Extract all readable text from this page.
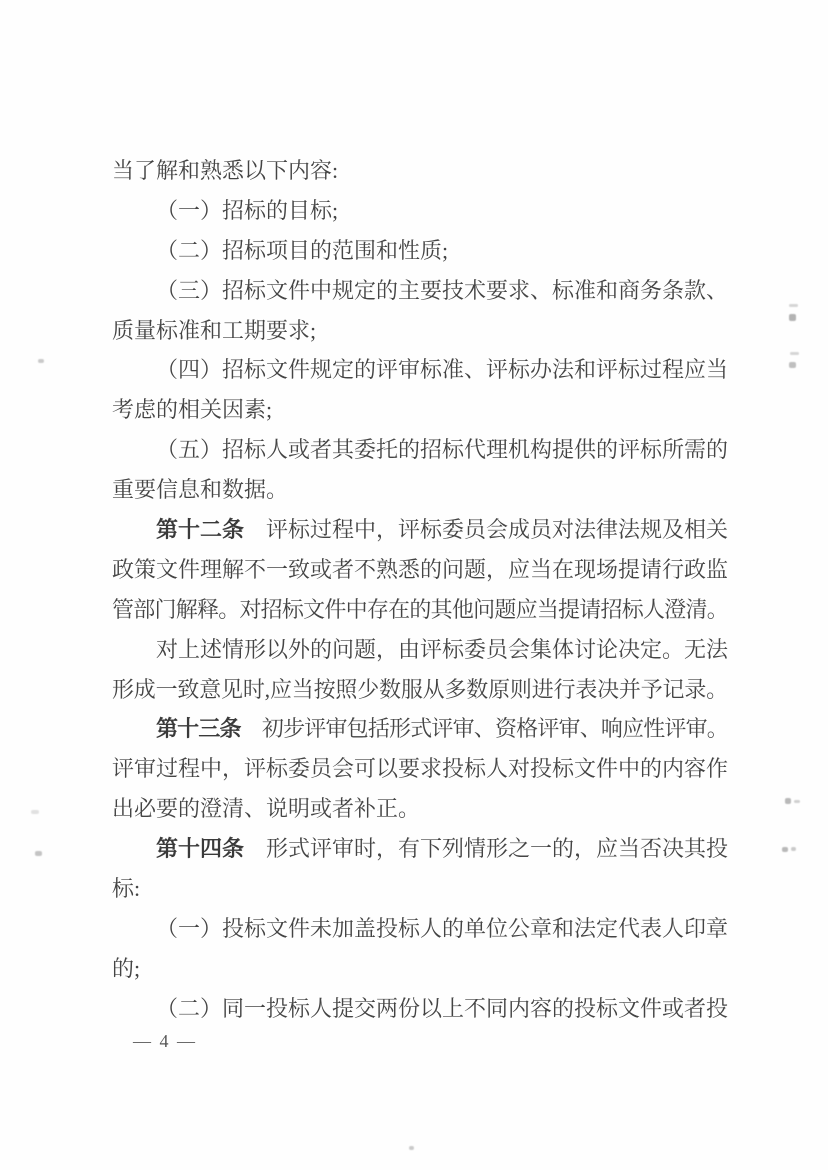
当了解和熟悉以下内容:
（一）招标的目标;
（二）招标项目的范围和性质;
（三）招标文件中规定的主要技术要求、标准和商务条款、
质量标准和工期要求;
（四）招标文件规定的评审标准、评标办法和评标过程应当
考虑的相关因素;
（五）招标人或者其委托的招标代理机构提供的评标所需的
重要信息和数据。
第十二条　评标过程中，评标委员会成员对法律法规及相关
政策文件理解不一致或者不熟悉的问题，应当在现场提请行政监
管部门解释。对招标文件中存在的其他问题应当提请招标人澄清。
对上述情形以外的问题，由评标委员会集体讨论决定。无法
形成一致意见时,应当按照少数服从多数原则进行表决并予记录。
第十三条　初步评审包括形式评审、资格评审、响应性评审。
评审过程中，评标委员会可以要求投标人对投标文件中的内容作
出必要的澄清、说明或者补正。
第十四条　形式评审时，有下列情形之一的，应当否决其投
标:
（一）投标文件未加盖投标人的单位公章和法定代表人印章
的;
（二）同一投标人提交两份以上不同内容的投标文件或者投
— 4 —
